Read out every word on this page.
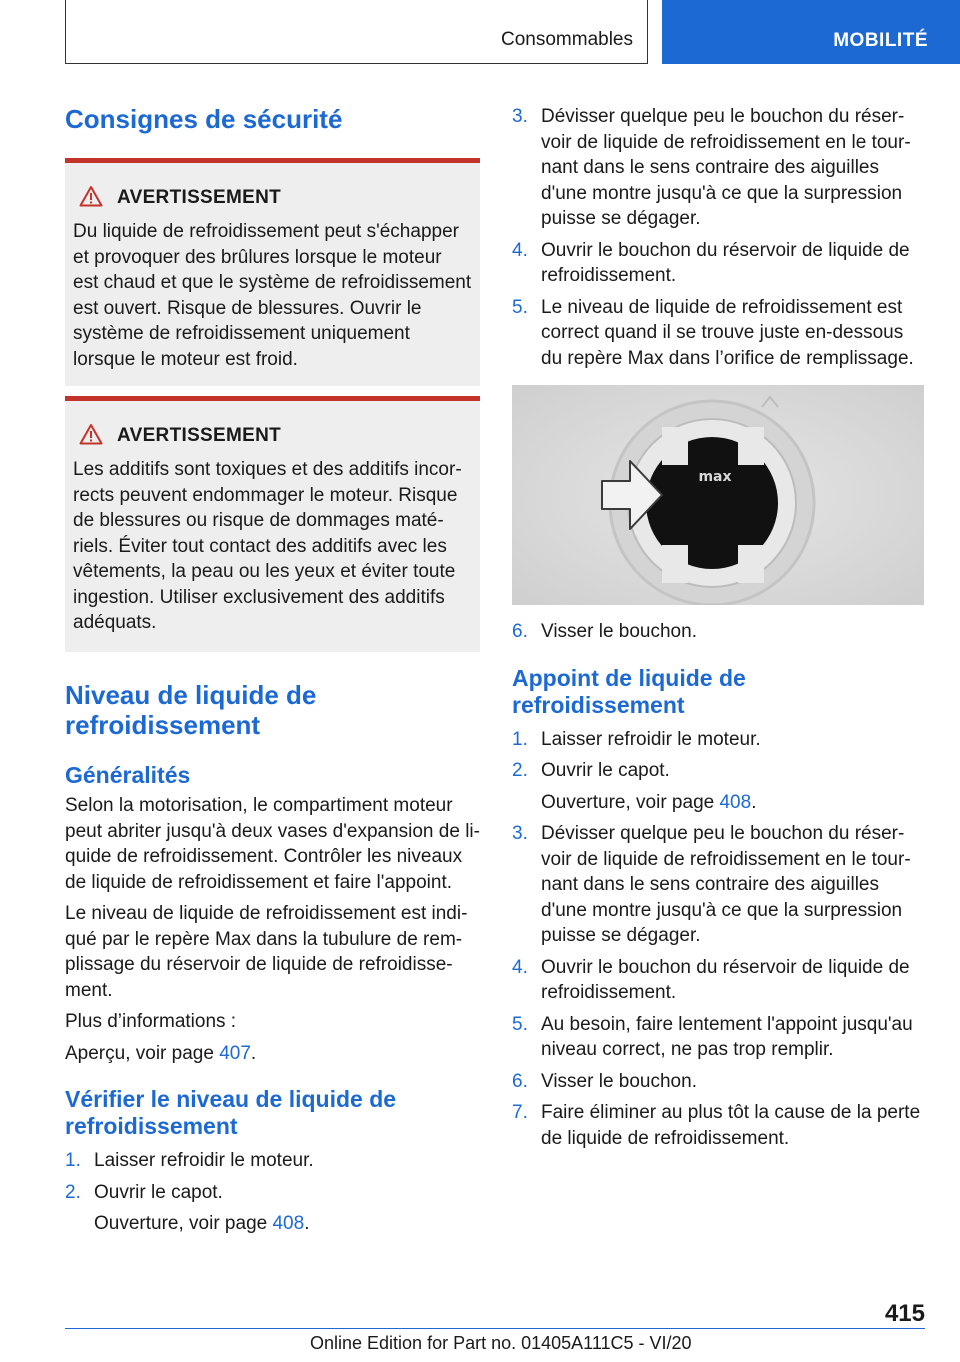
Consommables	MOBILITÉ
Consignes de sécurité
AVERTISSEMENT

Du liquide de refroidissement peut s'échapper et provoquer des brûlures lorsque le moteur est chaud et que le système de refroidissement est ouvert. Risque de blessures. Ouvrir le système de refroidissement uniquement lorsque le moteur est froid.

AVERTISSEMENT

Les additifs sont toxiques et des additifs incorrects peuvent endommager le moteur. Risque de blessures ou risque de dommages matériels. Éviter tout contact des additifs avec les vêtements, la peau ou les yeux et éviter toute ingestion. Utiliser exclusivement des additifs adéquats.

Niveau de liquide de refroidissement
Généralités

Selon la motorisation, le compartiment moteur peut abriter jusqu'à deux vases d'expansion de liquide de refroidissement. Contrôler les niveaux de liquide de refroidissement et faire l'appoint.

Le niveau de liquide de refroidissement est indiqué par le repère Max dans la tubulure de remplissage du réservoir de liquide de refroidissement.

Plus d’informations :

Aperçu, voir page 407.

Vérifier le niveau de liquide de refroidissement
1. Laisser refroidir le moteur.
2. Ouvrir le capot.
Ouverture, voir page 408.
3. Dévisser quelque peu le bouchon du réservoir de liquide de refroidissement en le tournant dans le sens contraire des aiguilles d'une montre jusqu'à ce que la surpression puisse se dégager.
4. Ouvrir le bouchon du réservoir de liquide de refroidissement.
5. Le niveau de liquide de refroidissement est correct quand il se trouve juste en-dessous du repère Max dans l’orifice de remplissage.
max
6. Visser le bouchon.
Appoint de liquide de refroidissement
1. Laisser refroidir le moteur.
2. Ouvrir le capot.
Ouverture, voir page 408.
3. Dévisser quelque peu le bouchon du réservoir de liquide de refroidissement en le tournant dans le sens contraire des aiguilles d'une montre jusqu'à ce que la surpression puisse se dégager.
4. Ouvrir le bouchon du réservoir de liquide de refroidissement.
5. Au besoin, faire lentement l'appoint jusqu'au niveau correct, ne pas trop remplir.
6. Visser le bouchon.
7. Faire éliminer au plus tôt la cause de la perte de liquide de refroidissement.
415
Online Edition for Part no. 01405A111C5 - VI/20
